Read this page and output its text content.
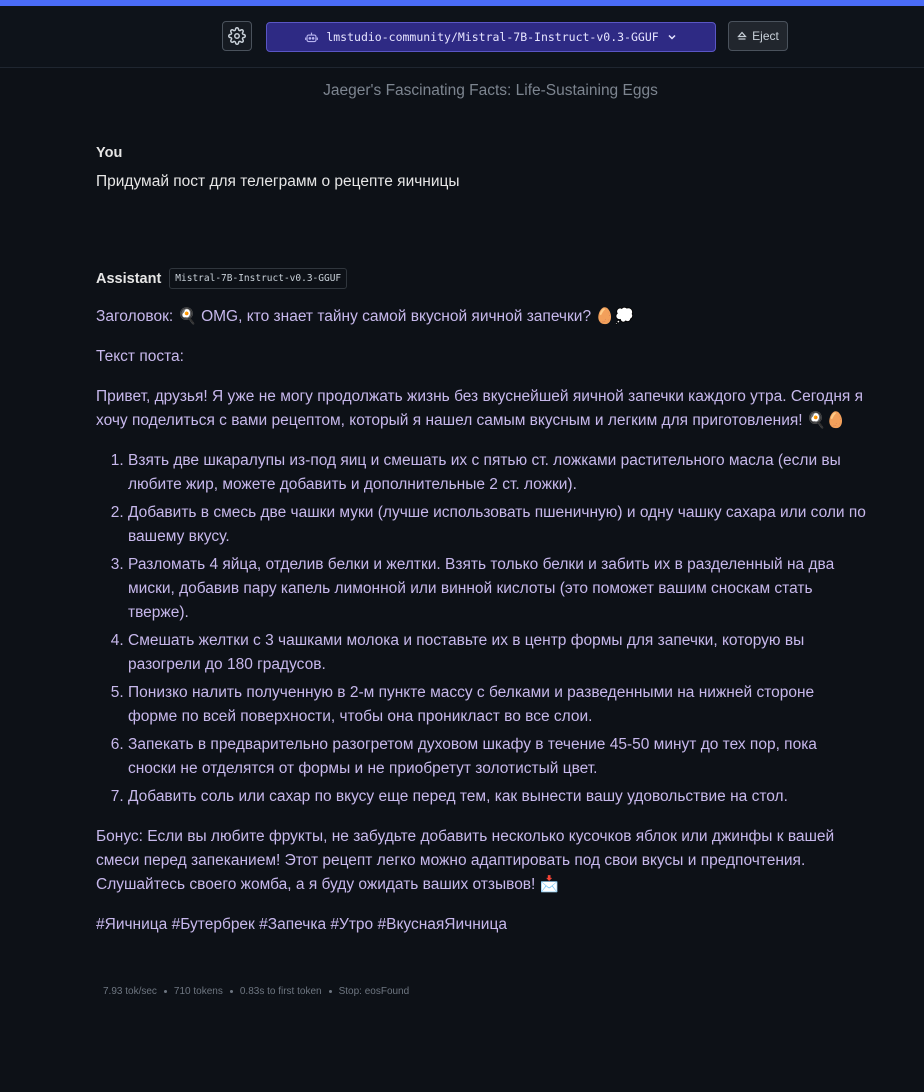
lmstudio-community/Mistral-7B-Instruct-v0.3-GGUF	Eject
Jaeger's Fascinating Facts: Life-Sustaining Eggs
You
Придумай пост для телеграмм о рецепте яичницы
Assistant	Mistral-7B-Instruct-v0.3-GGUF

Заголовок: 🍳 OMG, кто знает тайну самой вкусной яичной запечки? 🥚💭

Текст поста:

Привет, друзья! Я уже не могу продолжать жизнь без вкуснейшей яичной запечки каждого утра. Сегодня я хочу поделиться с вами рецептом, который я нашел самым вкусным и легким для приготовления! 🍳🥚

1. Взять две шкаралупы из-под яиц и смешать их с пятью ст. ложками растительного масла (если вы любите жир, можете добавить и дополнительные 2 ст. ложки).
2. Добавить в смесь две чашки муки (лучше использовать пшеничную) и одну чашку сахара или соли по вашему вкусу.
3. Разломать 4 яйца, отделив белки и желтки. Взять только белки и забить их в разделенный на два миски, добавив пару капель лимонной или винной кислоты (это поможет вашим сноскам стать тверже).
4. Смешать желтки с 3 чашками молока и поставьте их в центр формы для запечки, которую вы разогрели до 180 градусов.
5. Понизко налить полученную в 2-м пункте массу с белками и разведенными на нижней стороне форме по всей поверхности, чтобы она проникласт во все слои.
6. Запекать в предварительно разогретом духовом шкафу в течение 45-50 минут до тех пор, пока сноски не отделятся от формы и не приобретут золотистый цвет.
7. Добавить соль или сахар по вкусу еще перед тем, как вынести вашу удовольствие на стол.

Бонус: Если вы любите фрукты, не забудьте добавить несколько кусочков яблок или джинфы к вашей смеси перед запеканием! Этот рецепт легко можно адаптировать под свои вкусы и предпочтения. Слушайтесь своего жомба, а я буду ожидать ваших отзывов! 📩

#Яичница #Бутербрек #Запечка #Утро #ВкуснаяЯичница

7.93 tok/sec 710 tokens 0.83s to first token Stop: eosFound
